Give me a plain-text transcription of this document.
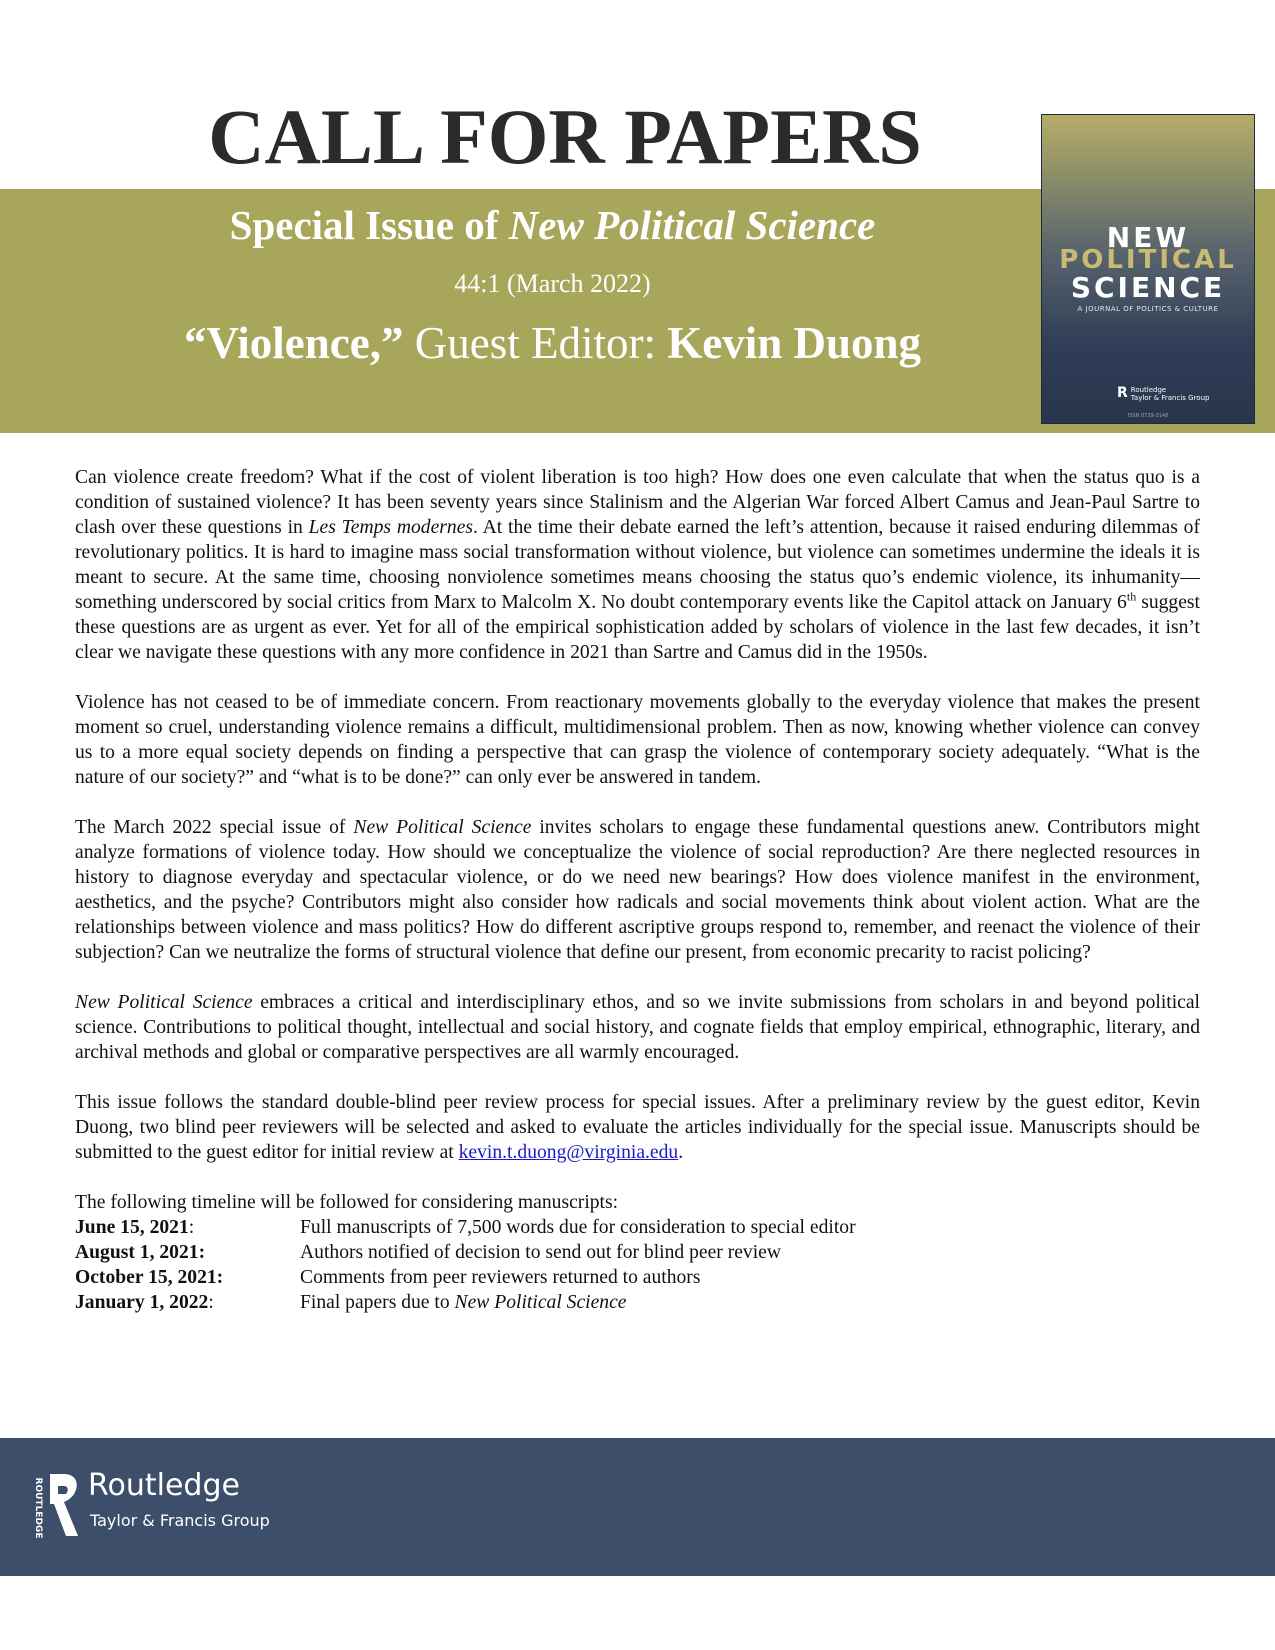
CALL FOR PAPERS
Special Issue of New Political Science
44:1 (March 2022)
“Violence,” Guest Editor: Kevin Duong
NEW
POLITICAL
SCIENCE
A JOURNAL OF POLITICS & CULTURE
R Routledge
Taylor & Francis Group
ISSN 0739-3148

Can violence create freedom? What if the cost of violent liberation is too high? How does one even calculate that when the status quo is a condition of sustained violence? It has been seventy years since Stalinism and the Algerian War forced Albert Camus and Jean-Paul Sartre to clash over these questions in Les Temps modernes. At the time their debate earned the left’s attention, because it raised enduring dilemmas of revolutionary politics. It is hard to imagine mass social transformation without violence, but violence can sometimes undermine the ideals it is meant to secure. At the same time, choosing nonviolence sometimes means choosing the status quo’s endemic violence, its inhumanity—something underscored by social critics from Marx to Malcolm X. No doubt contemporary events like the Capitol attack on January 6th suggest these questions are as urgent as ever. Yet for all of the empirical sophistication added by scholars of violence in the last few decades, it isn’t clear we navigate these questions with any more confidence in 2021 than Sartre and Camus did in the 1950s.

Violence has not ceased to be of immediate concern. From reactionary movements globally to the everyday violence that makes the present moment so cruel, understanding violence remains a difficult, multidimensional problem. Then as now, knowing whether violence can convey us to a more equal society depends on finding a perspective that can grasp the violence of contemporary society adequately. “What is the nature of our society?” and “what is to be done?” can only ever be answered in tandem.

The March 2022 special issue of New Political Science invites scholars to engage these fundamental questions anew. Contributors might analyze formations of violence today. How should we conceptualize the violence of social reproduction? Are there neglected resources in history to diagnose everyday and spectacular violence, or do we need new bearings? How does violence manifest in the environment, aesthetics, and the psyche? Contributors might also consider how radicals and social movements think about violent action. What are the relationships between violence and mass politics? How do different ascriptive groups respond to, remember, and reenact the violence of their subjection? Can we neutralize the forms of structural violence that define our present, from economic precarity to racist policing?

New Political Science embraces a critical and interdisciplinary ethos, and so we invite submissions from scholars in and beyond political science. Contributions to political thought, intellectual and social history, and cognate fields that employ empirical, ethnographic, literary, and archival methods and global or comparative perspectives are all warmly encouraged.

This issue follows the standard double-blind peer review process for special issues. After a preliminary review by the guest editor, Kevin Duong, two blind peer reviewers will be selected and asked to evaluate the articles individually for the special issue. Manuscripts should be submitted to the guest editor for initial review at kevin.t.duong@virginia.edu.

The following timeline will be followed for considering manuscripts:
June 15, 2021:	Full manuscripts of 7,500 words due for consideration to special editor
August 1, 2021:	Authors notified of decision to send out for blind peer review
October 15, 2021:	Comments from peer reviewers returned to authors
January 1, 2022:	Final papers due to New Political Science
ROUTLEDGE Routledge
Taylor & Francis Group
